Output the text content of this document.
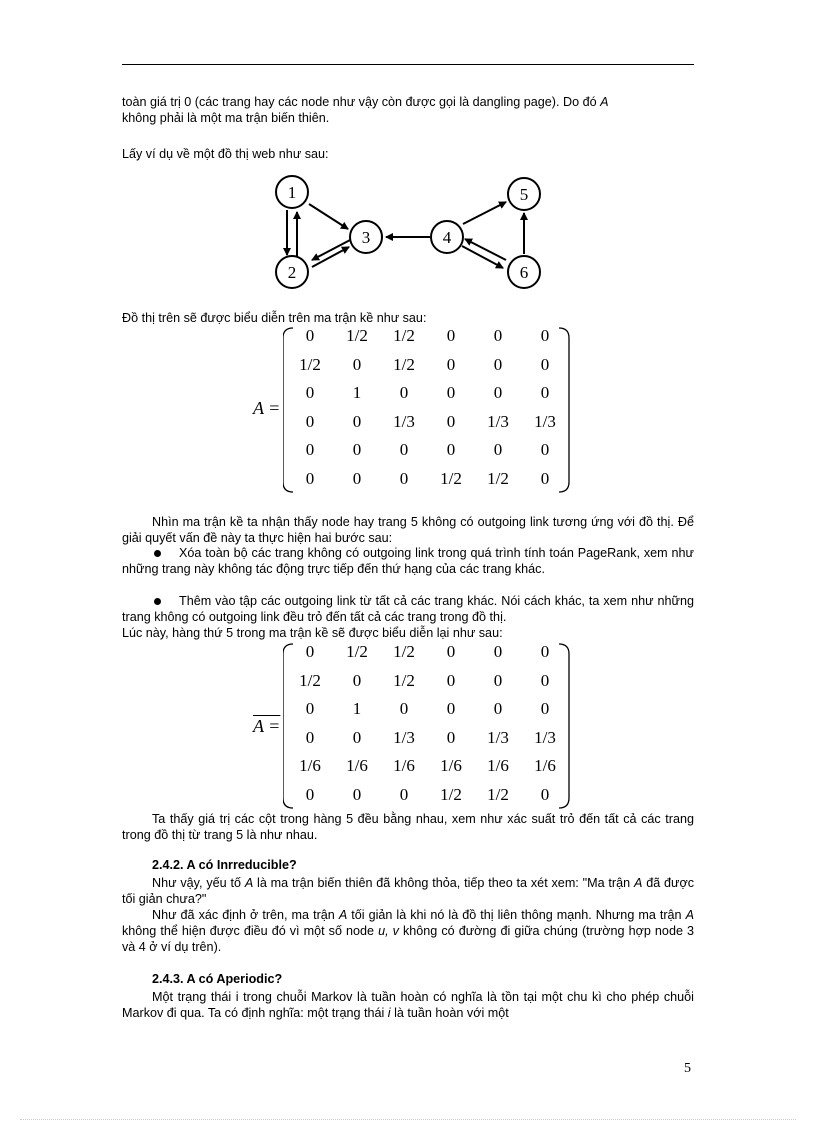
toàn giá trị 0 (các trang hay các node như vậy còn được gọi là dangling page). Do đó A
không phải là một ma trận biến thiên.
Lấy ví dụ về một đồ thị web như sau:
1
2
3	4
5
6
Đồ thị trên sẽ được biểu diễn trên ma trận kề như sau:
A =
0	1/2	1/2	0	0	0
1/2	0	1/2	0	0	0
0	1	0	0	0	0
0	0	1/3	0	1/3	1/3
0	0	0	0	0	0
0	0	0	1/2	1/2	0
Nhìn ma trận kề ta nhận thấy node hay trang 5 không có outgoing link tương ứng với đồ thị. Để giải quyết vấn đề này ta thực hiện hai bước sau:
Xóa toàn bộ các trang không có outgoing link trong quá trình tính toán PageRank, xem như những trang này không tác động trực tiếp đến thứ hạng của các trang khác.
Thêm vào tập các outgoing link từ tất cả các trang khác. Nói cách khác, ta xem như những trang không có outgoing link đều trỏ đến tất cả các trang trong đồ thị.
Lúc này, hàng thứ 5 trong ma trận kề sẽ được biểu diễn lại như sau:
A =
0	1/2	1/2	0	0	0
1/2	0	1/2	0	0	0
0	1	0	0	0	0
0	0	1/3	0	1/3	1/3
1/6	1/6	1/6	1/6	1/6	1/6
0	0	0	1/2	1/2	0
Ta thấy giá trị các cột trong hàng 5 đều bằng nhau, xem như xác suất trỏ đến tất cả các trang trong đồ thị từ trang 5 là như nhau.
2.4.2. A có Inrreducible?
Như vậy, yếu tố A là ma trận biến thiên đã không thỏa, tiếp theo ta xét xem: "Ma trận A đã được tối giản chưa?"
Như đã xác định ở trên, ma trận A tối giản là khi nó là đồ thị liên thông mạnh. Nhưng ma trận A không thể hiện được điều đó vì một số node u, v không có đường đi giữa chúng (trường hợp node 3 và 4 ở ví dụ trên).
2.4.3. A có Aperiodic?
Một trạng thái i trong chuỗi Markov là tuần hoàn có nghĩa là tồn tại một chu kì cho phép chuỗi Markov đi qua. Ta có định nghĩa: một trạng thái i là tuần hoàn với một
5
